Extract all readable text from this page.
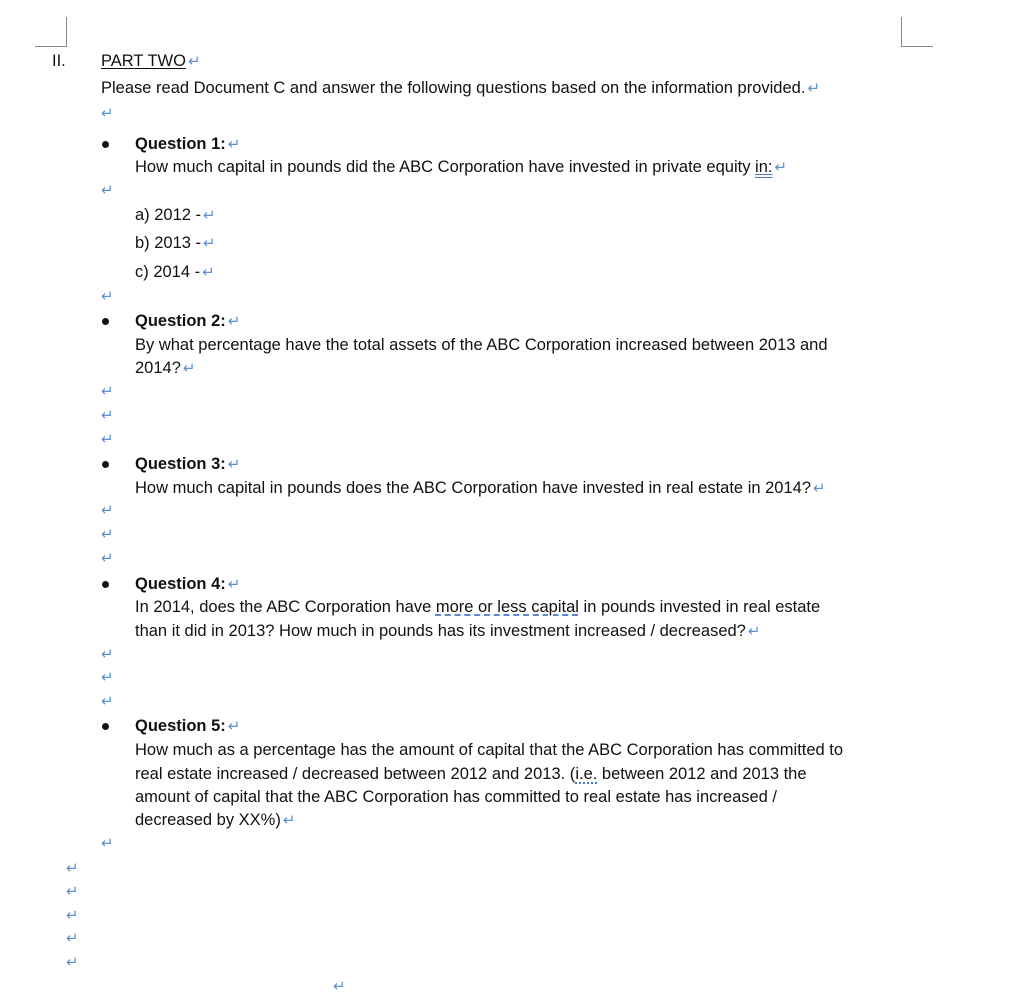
II. PART TWO ↵
Please read Document C and answer the following questions based on the information provided. ↵
↵
Question 1: ↵
How much capital in pounds did the ABC Corporation have invested in private equity in: ↵
↵
a) 2012 - ↵
b) 2013 - ↵
c) 2014 - ↵
↵
Question 2: ↵
By what percentage have the total assets of the ABC Corporation increased between 2013 and
2014? ↵
↵
↵
↵
Question 3: ↵
How much capital in pounds does the ABC Corporation have invested in real estate in 2014? ↵
↵
↵
↵
Question 4: ↵
In 2014, does the ABC Corporation have more or less capital in pounds invested in real estate
than it did in 2013? How much in pounds has its investment increased / decreased? ↵
↵
↵
↵
Question 5: ↵
How much as a percentage has the amount of capital that the ABC Corporation has committed to
real estate increased / decreased between 2012 and 2013. (i.e. between 2012 and 2013 the
amount of capital that the ABC Corporation has committed to real estate has increased /
decreased by XX%) ↵
↵
↵
↵
↵
↵
↵
↵
